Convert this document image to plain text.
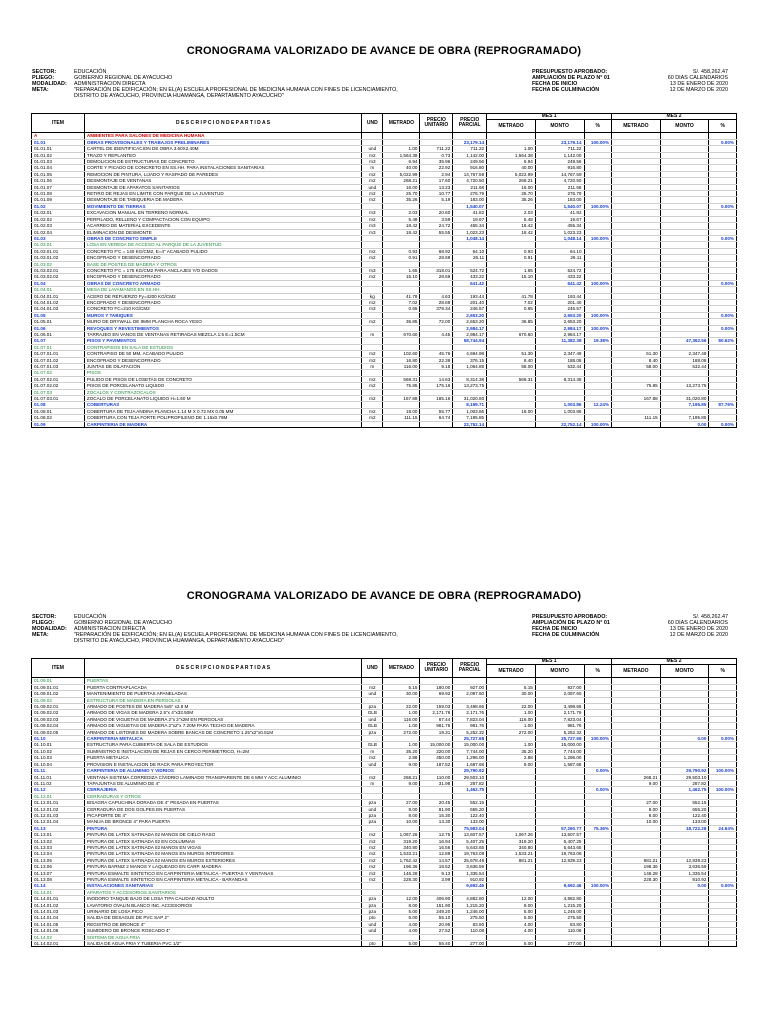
CRONOGRAMA VALORIZADO DE AVANCE DE OBRA (REPROGRAMADO)
SECTOR:	EDUCACIÓN
PLIEGO:	GOBIERNO REGIONAL DE AYACUCHO
MODALIDAD:	ADMINISTRACION DIRECTA
META:	"REPARACIÓN DE EDIFICACIÓN; EN EL(A) ESCUELA PROFESIONAL DE MEDICINA HUMANA CON FINES DE LICENCIAMIENTO, DISTRITO DE AYACUCHO, PROVINCIA HUAMANGA, DEPARTAMENTO AYACUCHO"
PRESUPUESTO APROBADO:	S/. 458,262.47
AMPLIACIÓN DE PLAZO N° 01	60 DIAS CALENDARIOS
FECHA DE INICIO	13 DE ENERO DE 2020
FECHA DE CULMINACIÓN	12 DE MARZO DE 2020
ITEM	D E S C R I P C I O N D E P A R T I D A S	UND	METRADO	PRECIO UNITARIO	PRECIO PARCIAL	MES 1			MES 2		
						METRADO	MONTO	%	METRADO	MONTO	%
A	AMBIENTES PARA SALONES DE MEDICINA HUMANA										
01.01	OBRAS PROVISIONALES Y TRABAJOS PRELIMINARES				23,179.14		23,179.14	100.00%			0.00%
01.01.01	CARTEL DE IDENTIFICACION DE OBRA 3.60X2.40M	und	1.00	711.22	711.22	1.00	711.22				
01.01.02	TRAZO Y REPLANTEO	m2	1,564.38	0.73	1,142.00	1,564.38	1,142.00				
01.01.03	DEMOLICION DE ESTRUCTURAS DE CONCRETO	m3	6.94	35.96	249.56	6.94	249.56				
01.01.04	CORTE Y PICADO DE CONCRETO EN SS.HH. PARA INSTALACIONES SANITARIAS	m	40.00	22.92	916.80	40.00	916.80				
01.01.05	REMOCION DE PINTURA, LIJADO Y RASPADO DE PAREDES	m2	5,022.99	2.94	14,767.59	5,022.99	14,767.59				
01.01.06	DESMONTAJE DE VENTANAS	m2	268.21	17.60	4,720.50	268.21	4,720.50				
01.01.07	DESMONTAJE DE APARATOS SANITARIOS	und	16.00	13.23	211.68	16.00	211.68				
01.01.08	RETIRO DE REJAS EN LIMITE CON PARQUE DE LA JUVENTUD	m2	25.70	10.77	276.79	25.70	276.79				
01.01.09	DESMONTAJE DE TABIQUERIA DE MADERA	m2	35.26	5.19	183.00	35.26	183.00				
01.02	MOVIMIENTO DE TIERRAS				1,540.07		1,540.07	100.00%			0.00%
01.02.01	EXCAVACION MANUAL EN TERRENO NORMAL	m3	2.03	20.60	41.82	2.03	41.82				
01.02.02	PERFILADO, RELLENO Y COMPACTACION CON EQUIPO	m2	5.48	3.59	19.67	5.48	19.67				
01.02.03	ACARREO DE MATERIAL EXCEDENTE	m3	18.42	24.72	455.34	18.42	455.34				
01.02.04	ELIMINACION DE DESMONTE	m3	18.42	55.55	1,023.23	18.42	1,023.23				
01.03	OBRAS DE CONCRETO SIMPLE				1,048.14		1,048.14	100.00%			0.00%
01.03.01	LOSA EN VEREDA DE ACCESO AL PARQUE DE LA JUVENTUD										
01.03.01.01	CONCRETO F'C = 140 KG/CM2, E=4" ACABADO PULIDO	m2	0.93	68.92	64.10	0.93	64.10				
01.03.01.02	ENCOFRADO Y DESENCOFRADO	m2	0.91	28.69	26.11	0.91	26.11				
01.03.02	BASE DE POSTES DE MADERA Y OTROS										
01.03.02.01	CONCRETO F'C = 175 KG/CM2 PARA ANCLAJES Y/O DADOS	m3	1.65	318.01	524.72	1.65	524.72				
01.03.02.02	ENCOFRADO Y DESENCOFRADO	m2	15.10	28.69	433.22	15.10	433.22				
01.04	OBRAS DE CONCRETO ARMADO				641.42		641.42	100.00%			0.00%
01.04.01	MESA DE LAVAMANOS EN SS.HH.										
01.04.01.01	ACERO DE REFUERZO Fy=4200 KG/CM2	kg	41.78	4.63	193.44	41.78	193.44				
01.04.01.02	ENCOFRADO Y DESENCOFRADO	m2	7.02	28.69	201.40	7.02	201.40				
01.04.01.03	CONCRETO FC=210 KG/CM2	m3	0.65	379.34	246.57	0.65	246.57				
01.05	MUROS Y TABIQUES				2,653.20		2,653.20	100.00%			0.00%
01.05.01	MURO DE DRYWALL DE 9MM PLANCHA ROCA YESO	m2	36.85	72.00	2,653.20	36.85	2,653.20				
01.06	REVOQUES Y REVESTIMIENTOS				2,984.17		2,984.17	100.00%			0.00%
01.06.01	TARRAJEO EN VANOS DE VENTANAS RETIRADAS MEZCLA 1:5 E=1.5CM	m	670.60	4.45	2,984.17	670.60	2,984.17				
01.07	PISOS Y PAVIMENTOS				58,744.94		11,382.38	19.38%		47,362.56	80.62%
01.07.01	CONTRAPISOS EN SALA DE ESTUDIOS										
01.07.01.01	CONTRAPISO DE 50 MM, ACABADO PULIDO	m2	102.60	45.76	4,694.98	51.30	2,347.49		51.30	2,347.49	
01.07.01.02	ENCOFRADO Y DESENCOFRADO	m2	16.80	22.39	376.15	8.40	188.08		8.40	188.08	
01.07.01.03	JUNTAS DE DILATACION	m	116.00	9.18	1,064.88	58.00	532.44		58.00	532.44	
01.07.02	PISOS										
01.07.02.01	PULIDO DE PISOS DE LOSETAS DE CONCRETO	m2	568.31	14.63	8,314.38	568.31	8,314.38				
01.07.02.02	PISOS DE PORCELANATO LIQUIDO	m2	75.85	175.16	13,273.75				75.85	13,273.75	
01.07.03	ZOCALOS Y CONTRAZOCALOS										
01.07.03.01	ZOCALO DE PORCELANATO LIQUIDO H=1.60 M	m2	167.88	185.16	31,020.80				167.88	31,020.80	
01.08	COBERTURAS				8,199.71		1,003.86	12.24%		7,195.85	87.76%
01.08.01	COBERTURA DE TEJA ANDINA PLANCHA 1.14 M X 0.72 MX 0.05 MM	m2	18.00	55.77	1,003.86	18.00	1,003.86				
01.08.02	COBERTURA CON TEJA FORTE POLIPROPILENO DE 1.15x0.79M	m2	111.15	64.74	7,195.85				111.15	7,195.85	
01.09	CARPINTERIA DE MADERA				22,752.14		22,752.14	100.00%		0.00	0.00%
CRONOGRAMA VALORIZADO DE AVANCE DE OBRA (REPROGRAMADO)
SECTOR:	EDUCACIÓN
PLIEGO:	GOBIERNO REGIONAL DE AYACUCHO
MODALIDAD:	ADMINISTRACION DIRECTA
META:	"REPARACIÓN DE EDIFICACIÓN; EN EL(A) ESCUELA PROFESIONAL DE MEDICINA HUMANA CON FINES DE LICENCIAMIENTO, DISTRITO DE AYACUCHO, PROVINCIA HUAMANGA, DEPARTAMENTO AYACUCHO"
PRESUPUESTO APROBADO:	S/. 458,262.47
AMPLIACIÓN DE PLAZO N° 01	60 DIAS CALENDARIOS
FECHA DE INICIO	13 DE ENERO DE 2020
FECHA DE CULMINACIÓN	12 DE MARZO DE 2020
ITEM	D E S C R I P C I O N D E P A R T I D A S	UND	METRADO	PRECIO UNITARIO	PRECIO PARCIAL	MES 1			MES 2		
						METRADO	MONTO	%	METRADO	MONTO	%
01.09.01	PUERTAS										
01.09.01.01	PUERTA CONTRAPLACADA	m2	5.15	180.00	927.00	5.15	927.00				
01.09.01.02	MANTENIMIENTO DE PUERTAS APANELADAS	und	30.00	69.92	2,097.60	30.00	2,097.60				
01.09.02	ESTRUCTURA DE MADERA EN PERGOLAS										
01.09.02.01	ARMADO DE POSTES DE MADERA 5x5" x2.8 M	pza	22.00	159.03	3,498.66	22.00	3,498.66				
01.09.02.02	ARMADO DE VIGAS DE MADERA 2.5"x 4"x33.50M	GLB	1.00	2,171.76	2,171.76	1.00	2,171.76				
01.09.02.03	ARMADO DE VIGUETAS DE MADERA 2"x 2"x2M EN PERGOLAS	und	116.00	67.44	7,823.04	116.00	7,823.04				
01.09.02.04	ARMADO DE VIGUETAS DE MADERA 2"x2"x 7.20M PARA TECHO DE MADERA	GLB	1.00	981.76	981.76	1.00	981.76				
01.09.02.05	ARMADO DE LISTONES DE MADERA SOBRE BANCAS DE CONCRETO 1.25"x2"x0.51M	pza	272.00	19.31	5,252.32	272.00	5,252.32				
01.10	CARPINTERIA METALICA				25,727.68		25,727.68	100.00%		0.00	0.00%
01.10.01	ESTRUCTURA PARA CUBIERTA DE SALA DE ESTUDIOS	GLB	1.00	15,000.00	15,000.00	1.00	15,000.00				
01.10.02	SUMINISTRO E INSTALACION DE REJAS EN CERCO PERIMETRICO, H=2M	m	35.20	220.00	7,744.00	35.20	7,744.00				
01.10.03	PUERTA METALICA	m2	2.88	450.00	1,296.00	2.88	1,296.00				
01.10.04	PROVISION E INSTALACION DE RACK PARA PROYECTOR	und	9.00	187.52	1,687.68	9.00	1,687.68				
01.11	CARPINTERIA DE ALUMINIO Y VIDRIOS				29,790.92			0.00%		29,790.92	100.00%
01.11.01	VENTANA SISTEMA CORREDIZA C/VIDRIO LAMINADO TRANSPARENTE DE 6 MM Y ACC ALUMINIO	m2	268.21	110.00	29,503.10				268.21	29,503.10	
01.11.02	TAPAJUNTAS DE ALUMINIO DE 4"	m	9.00	31.98	287.82				9.00	287.82	
01.12	CERRAJERIA				1,462.75			0.00%		1,462.75	100.00%
01.12.01	CERRADURAS Y OTROS										
01.12.01.01	BISAGRA CAPUCHINA DORADA DE 4" PESADA EN PUERTAS	pza	27.00	20.45	552.15				27.00	552.15	
01.12.01.02	CERRADURA DE DOS GOLPES EN PUERTAS	und	8.00	81.90	655.20				8.00	655.20	
01.12.01.03	PICAPORTE DE 4"	pza	8.00	15.30	122.40				8.00	122.40	
01.12.01.04	MANIJA DE BRONCE 4" PARA PUERTA	pza	10.00	13.30	133.00				10.00	133.00	
01.13	PINTURA				75,983.04		57,260.77	75.36%		18,722.28	24.64%
01.13.01	PINTURA DE LATEX SATINADA 02 MANOS DE CIELO RASO	m2	1,067.26	12.75	13,607.57	1,067.26	13,607.57				
01.13.02	PINTURA DE LATEX SATINADA 02 EN COLUMNAS	m2	319.20	16.94	5,407.25	319.20	5,407.25				
01.13.03	PINTURA DE LATEX SATINADA 02 MANOS EN VIGAS	m2	340.80	16.56	5,643.65	340.80	5,643.65				
01.13.04	PINTURA DE LATEX SATINADA 02 MANOS EN MUROS INTERIORES	m2	1,533.21	12.89	19,763.08	1,533.21	19,763.08				
01.13.05	PINTURA DE LATEX SATINADA 02 MANOS EN MUROS EXTERIORES	m2	1,762.42	14.57	25,678.46	881.21	12,839.23		881.21	12,839.23	
01.13.06	PINTURA BARNIZ 2 MANOS Y LAQUEADO EN CARP. MADERA	m2	196.36	18.52	3,636.59				196.36	3,636.59	
01.13.07	PINTURA ESMALTE SINTETICO EN CARPINTERIA METALICA - PUERTAS Y VENTANAS	m2	146.28	9.13	1,335.54				146.28	1,335.54	
01.13.08	PINTURA ESMALTE SINTETICO EN CARPINTERIA METALICA - BARANDAS	m2	228.30	3.99	910.92				228.30	910.92	
01.14	INSTALACIONES SANITARIAS				9,692.46		9,692.46	100.00%		0.00	0.00%
01.14.01	APARATOS Y ACCESORIOS SANITARIOS										
01.14.01.01	INODORO TANQUE BAJO DE LOSA TIPA CALIDAD ADULTO	pza	12.00	406.90	4,882.80	12.00	4,882.80				
01.14.01.02	LAVATORIO OVALIN BLANCO INC. ACCESORIOS	pza	8.00	151.90	1,215.20	8.00	1,215.20				
01.14.01.03	URINARIO DE LOSA PICO	pza	5.00	249.20	1,246.00	5.00	1,246.00				
01.14.01.04	SALIDA DE DESAGUE DE PVC SAP 2"	pto	5.00	55.10	275.50	5.00	275.50				
01.14.01.05	REGISTRO DE BRONCE 4"	und	4.00	20.95	83.80	4.00	83.80				
01.14.01.06	SUMIDERO DE BRONCE ROSCADO 4"	und	4.00	27.52	110.08	4.00	110.08				
01.14.02	SISTEMA DE AGUA FRIA										
01.14.02.01	SALIDA DE AGUA FRIA Y TUBERIA PVC 1/2"	pto	5.00	55.40	277.00	5.00	277.00				
